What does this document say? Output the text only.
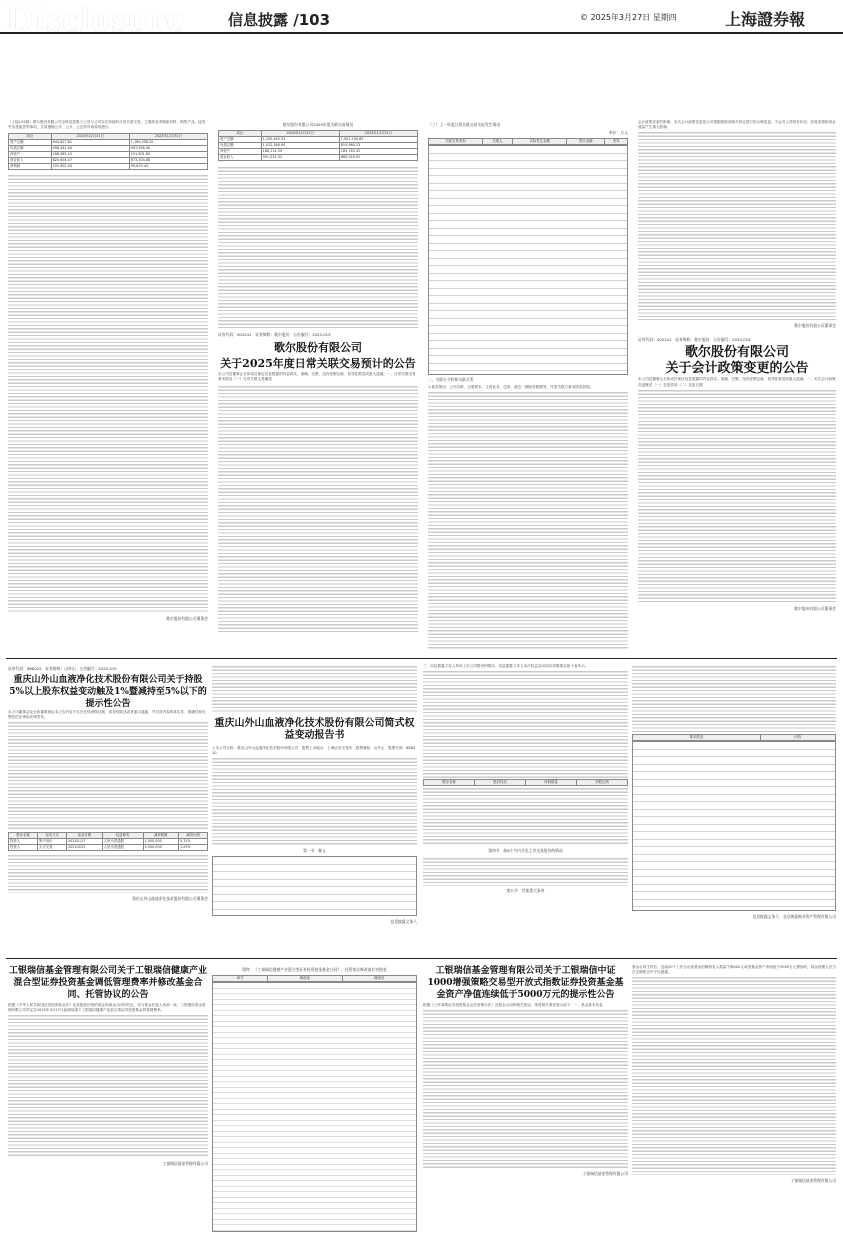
Disclosure	信息披露 /103	© 2025年3月27日 星期四	上海證券報
（上接102版）歌尔股份有限公司全资及控股子公司与公司存在持续的日常关联交易，主要涉及采购原材料、销售产品、接受劳务及租赁等事项，交易遵循公平、公开、公正的市场原则进行。
项目	2024年12月31日	2023年12月31日
资产总额	644,827.61	1,189,358.20
负债总额	456,342.46	997,556.40
净资产	188,485.15	191,801.80
营业收入	820,654.47	673,304.86
净利润	101,902.04	90,670.44
歌尔股份有限公司董事会
歌尔股份有限公司2024年度关联交易情况
项目	2024年12月31日	2023年12月31日
资产总额	1,200,463.53	1,001,700.65
负债总额	1,012,348.94	815,960.23
净资产	188,114.59	185,740.42
营业收入	991,532.33	880,018.92
证券代码：002241　证券简称：歌尔股份　公告编号：2025-015
歌尔股份有限公司
关于2025年度日常关联交易预计的公告
本公司及董事会全体成员保证信息披露的内容真实、准确、完整，没有虚假记载、误导性陈述或重大遗漏。一、日常关联交易基本情况（一）日常关联交易概述
（三）上一年度日常关联交易实际发生情况
单位：万元
关联交易类别	关联人	实际发生金额	预计金额	差异
二、关联方介绍和关联关系
1.基本情况：公司名称、注册资本、主营业务、住所、最近一期财务数据等，详见关联方基本情况说明。
会计政策变更的影响：本次会计政策变更是公司根据财政部相关规定进行的合理变更，不会对公司财务状况、经营成果和现金流量产生重大影响。
歌尔股份有限公司董事会
证券代码：002241　证券简称：歌尔股份　公告编号：2025-016
歌尔股份有限公司
关于会计政策变更的公告
本公司及董事会全体成员保证信息披露的内容真实、准确、完整，没有虚假记载、误导性陈述或重大遗漏。一、本次会计政策变更概述（一）变更原因（二）变更日期
歌尔股份有限公司董事会
证券代码：688025　证券简称：山外山　公告编号：2025-015
重庆山外山血液净化技术股份有限公司关于持股5%以上股东权益变动触及1%暨减持至5%以下的提示性公告
本公司董事会及全体董事保证本公告内容不存在任何虚假记载、误导性陈述或者重大遗漏，并对其内容的真实性、准确性和完整性依法承担法律责任。
股东名称	变动方式	变动日期	权益种类	减持股数	减持比例
投资人	集中竞价	2025/1/17	人民币普通股	1,000,000	0.31%
投资人	大宗交易	2025/3/25	人民币普通股	3,500,000	1.09%
重庆山外山血液净化技术股份有限公司董事会
重庆山外山血液净化技术股份有限公司简式权益变动报告书
上市公司名称：重庆山外山血液净化技术股份有限公司　股票上市地点：上海证券交易所　股票简称：山外山　股票代码：688410
第一节　释义
信息披露义务人
三、信息披露义务人持有上市公司股份的情况，信息披露义务人本次权益变动前后持股情况如下表所示。
股东名称	股份性质	持股数量	持股比例
第四节　前6个月内买卖上市交易股份的情况
第五节　其他重大事项
基本情况	内容
信息披露义务人：北京朗姿韩亚资产管理有限公司
工银瑞信基金管理有限公司关于工银瑞信健康产业混合型证券投资基金调低管理费率并修改基金合同、托管协议的公告
根据《中华人民共和国证券投资基金法》及其配套法规的规定和基金合同的约定，经与基金托管人协商一致，工银瑞信基金管理有限公司决定自2025年3月27日起调低旗下工银瑞信健康产业混合型证券投资基金的管理费率。
工银瑞信基金管理有限公司
附件：《工银瑞信健康产业混合型证券投资基金基金合同》、托管协议修改前后对照表
章节	修改前	修改后
工银瑞信基金管理有限公司关于工银瑞信中证1000增强策略交易型开放式指数证券投资基金基金资产净值连续低于5000万元的提示性公告
根据《公开募集证券投资基金运作管理办法》及基金合同的相关规定，现将相关事宜提示如下：一、基金基本信息
工银瑞信基金管理有限公司
基金合同生效后，连续20个工作日出现基金份额持有人数量不满200人或者基金资产净值低于5000万元情形的，基金管理人应当在定期报告中予以披露。
工银瑞信基金管理有限公司
